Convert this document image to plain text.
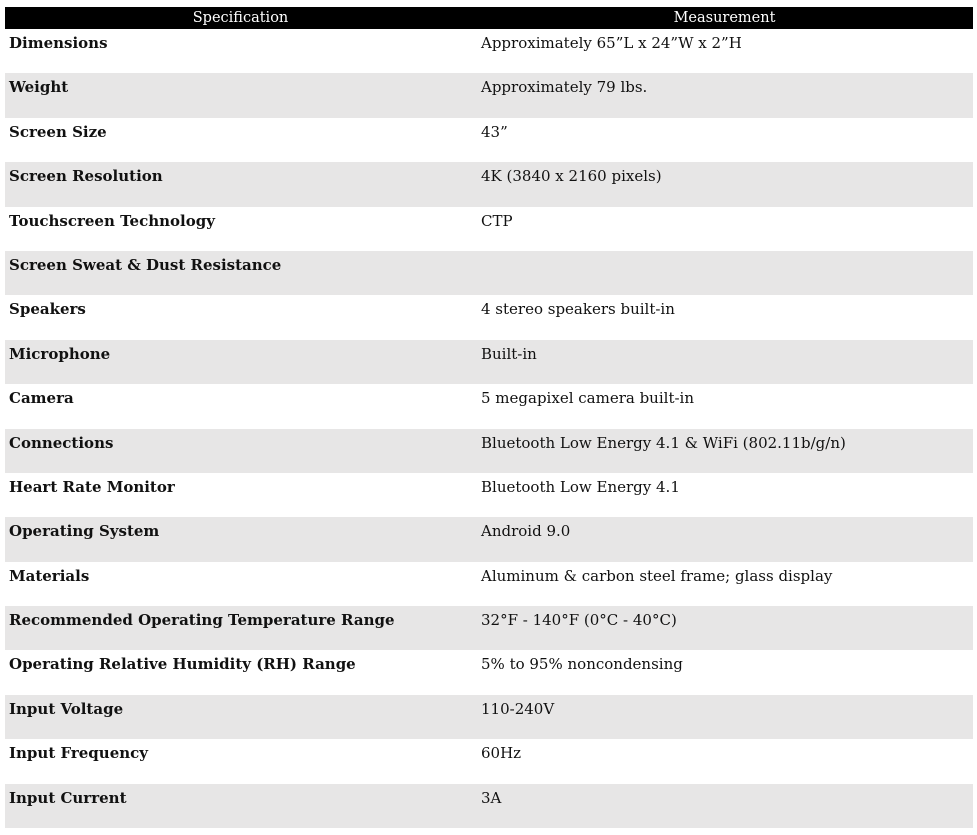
Specification	Measurement
Dimensions	Approximately 65”L x 24”W x 2”H
Weight	Approximately 79 lbs.
Screen Size	43”
Screen Resolution	4K (3840 x 2160 pixels)
Touchscreen Technology	CTP
Screen Sweat & Dust Resistance	
Speakers	4 stereo speakers built-in
Microphone	Built-in
Camera	5 megapixel camera built-in
Connections	Bluetooth Low Energy 4.1 & WiFi (802.11b/g/n)
Heart Rate Monitor	Bluetooth Low Energy 4.1
Operating System	Android 9.0
Materials	Aluminum & carbon steel frame; glass display
Recommended Operating Temperature Range	32°F - 140°F (0°C - 40°C)
Operating Relative Humidity (RH) Range	5% to 95% noncondensing
Input Voltage	110-240V
Input Frequency	60Hz
Input Current	3A
